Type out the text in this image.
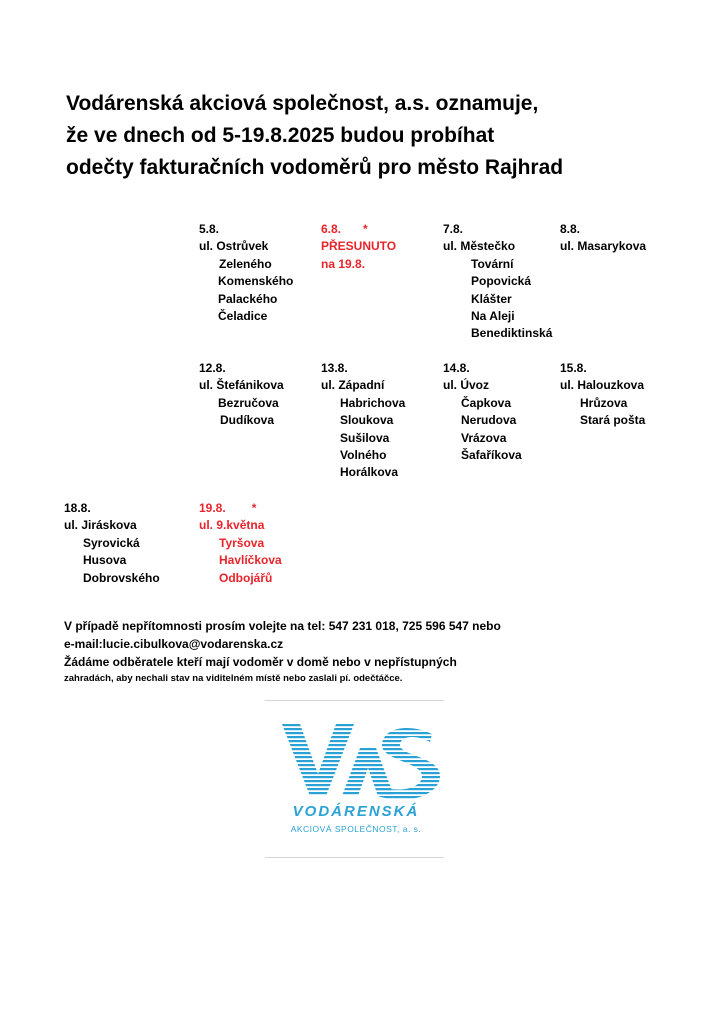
Vodárenská akciová společnost, a.s. oznamuje,
že ve dnech od 5-19.8.2025 budou probíhat
odečty fakturačních vodoměrů pro město Rajhrad
5.8.
ul. Ostrůvek
Zeleného
Komenského
Palackého
Čeladice
6.8. *
PŘESUNUTO
na 19.8.
7.8.
ul. Městečko
Tovární
Popovická
Klášter
Na Aleji
Benediktinská
8.8.
ul. Masarykova
12.8.
ul. Štefánikova
Bezručova
Dudíkova
13.8.
ul. Západní
Habrichova
Sloukova
Sušilova
Volného
Horálkova
14.8.
ul. Úvoz
Čapkova
Nerudova
Vrázova
Šafaříkova
15.8.
ul. Halouzkova
Hrůzova
Stará pošta
18.8.
ul. Jiráskova
Syrovická
Husova
Dobrovského
19.8. *
ul. 9.května
Tyršova
Havlíčkova
Odbojářů
V případě nepřítomnosti prosím volejte na tel: 547 231 018, 725 596 547 nebo
e-mail:lucie.cibulkova@vodarenska.cz
Žádáme odběratele kteří mají vodoměr v domě nebo v nepřístupných
zahradách, aby nechali stav na viditelném místě nebo zaslali pí. odečtáčce.
VODÁRENSKÁ
AKCIOVÁ SPOLEČNOST, a. s.
